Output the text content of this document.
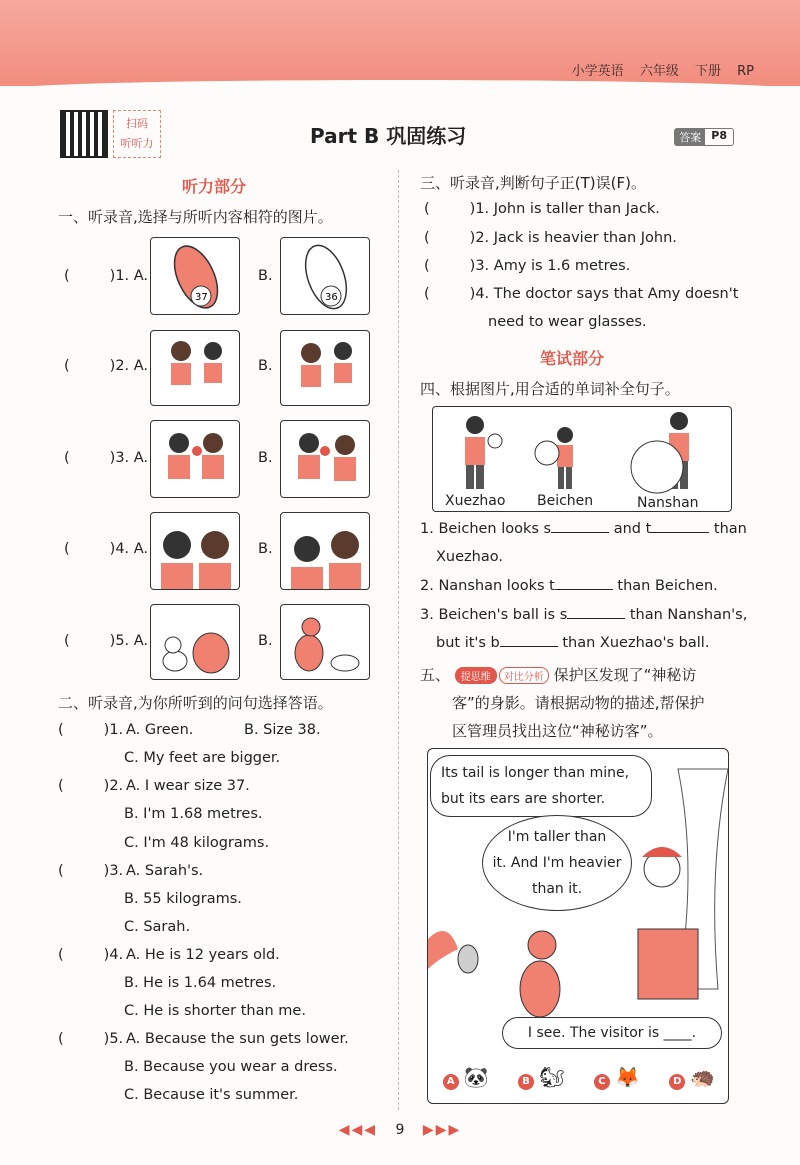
小学英语 六年级 下册 RP
扫码
听听力	Part B 巩固练习	答案 P8
听力部分
一、听录音,选择与所听内容相符的图片。
(	)1. A.
37
B.
36
(	)2. A.	B.
(	)3. A.	B.
(	)4. A.	B.
(	)5. A.	B.
二、听录音,为你所听到的问句选择答语。
(	)1. A. Green.	B. Size 38.
C. My feet are bigger.
(	)2. A. I wear size 37.
B. I'm 1.68 metres.
C. I'm 48 kilograms.
(	)3. A. Sarah's.
B. 55 kilograms.
C. Sarah.
(	)4. A. He is 12 years old.
B. He is 1.64 metres.
C. He is shorter than me.
(	)5. A. Because the sun gets lower.
B. Because you wear a dress.
C. Because it's summer.
三、听录音,判断句子正(T)误(F)。
(	)1. John is taller than Jack.
(	)2. Jack is heavier than John.
(	)3. Amy is 1.6 metres.
(	)4. The doctor says that Amy doesn't
need to wear glasses.
笔试部分
四、根据图片,用合适的单词补全句子。
Xuezhao Beichen	Nanshan
1. Beichen looks s	and t	than
Xuezhao.
2. Nanshan looks t	than Beichen.
3. Beichen's ball is s	than Nanshan's,
but it's b	than Xuezhao's ball.
五、 提思维 对比分析 保护区发现了“神秘访
客”的身影。请根据动物的描述,帮保护
区管理员找出这位“神秘访客”。
Its tail is longer than mine,
but its ears are shorter.
I'm taller than
it. And I'm heavier
than it.
I see. The visitor is ____.
A 🐼	B 🐿	C 🦊	D 🦔
◀◀◀ 9 ▶▶▶
